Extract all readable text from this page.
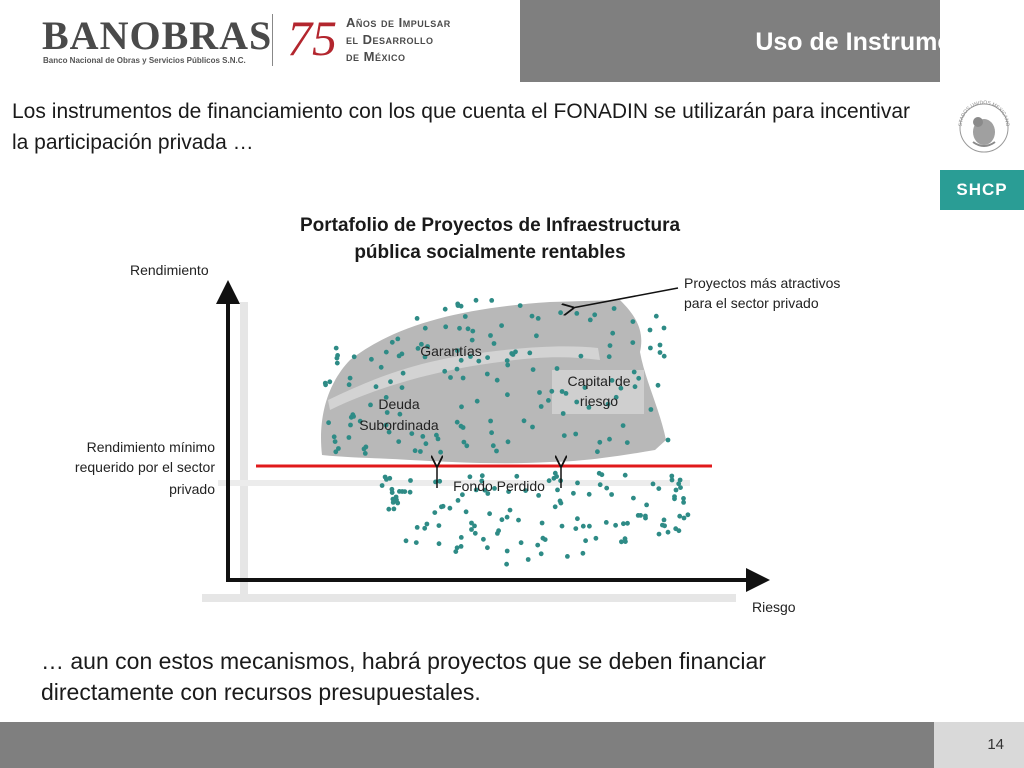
BANOBRAS
Banco Nacional de Obras y Servicios Públicos S.N.C. 75 Años de Impulsar
el Desarrollo
de México
Uso de Instrumentos
STADOS UNIDOS MEXICANO
SHCP
Los instrumentos de financiamiento con los que cuenta el FONADIN se utilizarán para incentivar la participación privada …
Portafolio de Proyectos de Infraestructura
pública socialmente rentables
Rendimiento
Riesgo
Rendimiento mínimo
requerido por el sector
privado
Proyectos más atractivos
para el sector privado
Garantías
Deuda
Subordinada
Capital de
riesgo
Fondo Perdido
… aun con estos mecanismos, habrá proyectos que se deben financiar directamente con recursos presupuestales.
14
